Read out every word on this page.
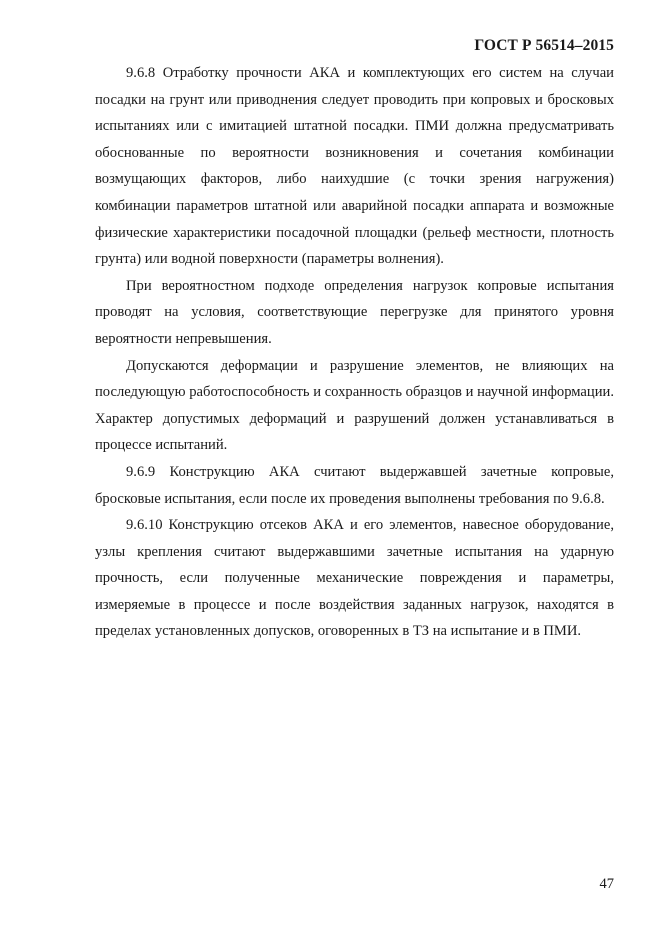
ГОСТ Р 56514–2015

9.6.8 Отработку прочности АКА и комплектующих его систем на случаи посадки на грунт или приводнения следует проводить при копровых и бросковых испытаниях или с имитацией штатной посадки. ПМИ должна предусматривать обоснованные по вероятности возникновения и сочетания комбинации возмущающих факторов, либо наихудшие (с точки зрения нагружения) комбинации параметров штатной или аварийной посадки аппарата и возможные физические характеристики посадочной площадки (рельеф местности, плотность грунта) или водной поверхности (параметры волнения).

При вероятностном подходе определения нагрузок копровые испытания проводят на условия, соответствующие перегрузке для принятого уровня вероятности непревышения.

Допускаются деформации и разрушение элементов, не влияющих на последующую работоспособность и сохранность образцов и научной информации. Характер допустимых деформаций и разрушений должен устанавливаться в процессе испытаний.

9.6.9 Конструкцию АКА считают выдержавшей зачетные копровые, бросковые испытания, если после их проведения выполнены требования по 9.6.8.

9.6.10 Конструкцию отсеков АКА и его элементов, навесное оборудование, узлы крепления считают выдержавшими зачетные испытания на ударную прочность, если полученные механические повреждения и параметры, измеряемые в процессе и после воздействия заданных нагрузок, находятся в пределах установленных допусков, оговоренных в ТЗ на испытание и в ПМИ.

47
